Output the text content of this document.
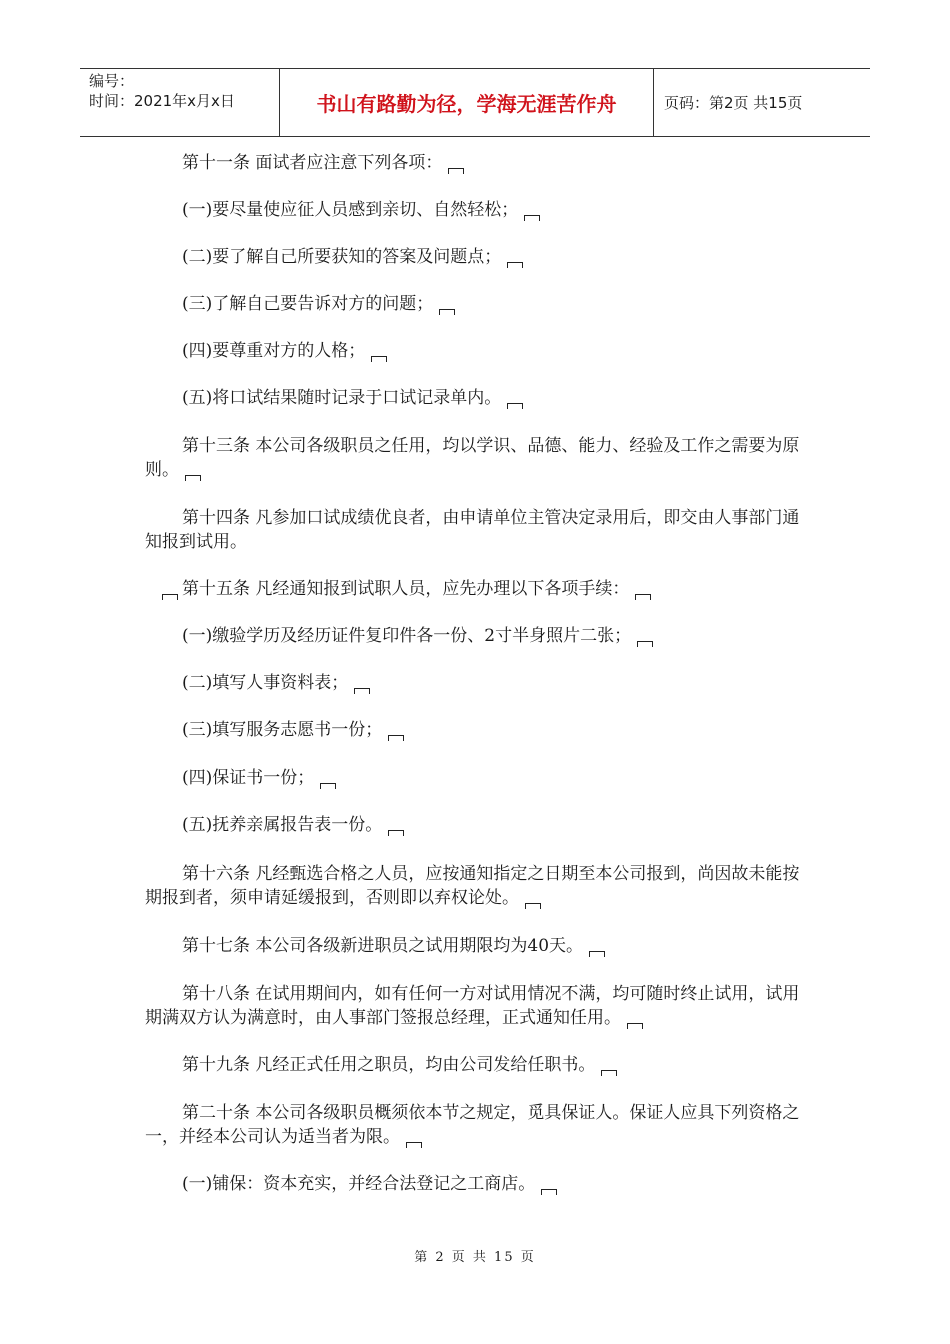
编号：
时间：2021年x月x日	书山有路勤为径，学海无涯苦作舟	页码：第2页 共15页

第十一条 面试者应注意下列各项：

(一)要尽量使应征人员感到亲切、自然轻松；

(二)要了解自己所要获知的答案及问题点；

(三)了解自己要告诉对方的问题；

(四)要尊重对方的人格；

(五)将口试结果随时记录于口试记录单内。

第十三条 本公司各级职员之任用，均以学识、品德、能力、经验及工作之需要为原则。

第十四条 凡参加口试成绩优良者，由申请单位主管决定录用后，即交由人事部门通知报到试用。

第十五条 凡经通知报到试职人员，应先办理以下各项手续：

(一)缴验学历及经历证件复印件各一份、2寸半身照片二张；

(二)填写人事资料表；

(三)填写服务志愿书一份；

(四)保证书一份；

(五)抚养亲属报告表一份。

第十六条 凡经甄选合格之人员，应按通知指定之日期至本公司报到，尚因故未能按期报到者，须申请延缓报到，否则即以弃权论处。

第十七条 本公司各级新进职员之试用期限均为40天。

第十八条 在试用期间内，如有任何一方对试用情况不满，均可随时终止试用，试用期满双方认为满意时，由人事部门签报总经理，正式通知任用。

第十九条 凡经正式任用之职员，均由公司发给任职书。

第二十条 本公司各级职员概须依本节之规定，觅具保证人。保证人应具下列资格之一，并经本公司认为适当者为限。

(一)铺保：资本充实，并经合法登记之工商店。

第 2 页 共 15 页
